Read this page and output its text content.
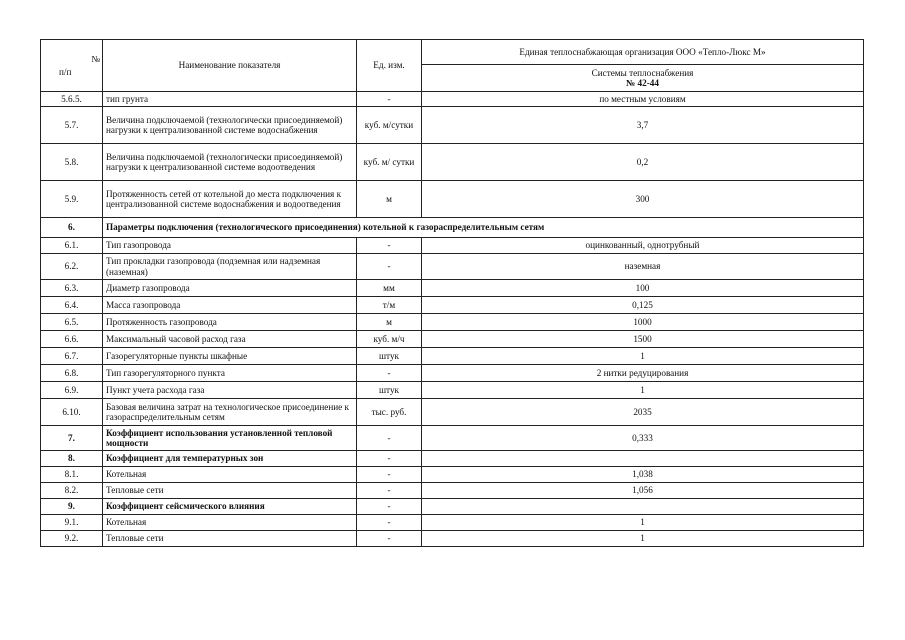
№
п/п	Наименование показателя	Ед. изм.	Единая теплоснабжающая организация ООО «Тепло-Люкс М»

			Системы теплоснабжения
№ 42-44

5.6.5.	тип грунта	-	по местным условиям
5.7.	Величина подключаемой (технологически присоединяемой) нагрузки к централизованной системе водоснабжения	куб. м/сутки	3,7
5.8.	Величина подключаемой (технологически присоединяемой) нагрузки к централизованной системе водоотведения	куб. м/ сутки	0,2
5.9.	Протяженность сетей от котельной до места подключения к централизованной системе водоснабжения и водоотведения	м	300
6.	Параметры подключения (технологического присоединения) котельной к газораспределительным сетям		
6.1.	Тип газопровода	-	оцинкованный, однотрубный
6.2.	Тип прокладки газопровода (подземная или надземная (наземная)	-	наземная
6.3.	Диаметр газопровода	мм	100
6.4.	Масса газопровода	т/м	0,125
6.5.	Протяженность газопровода	м	1000
6.6.	Максимальный часовой расход газа	куб. м/ч	1500
6.7.	Газорегуляторные пункты шкафные	штук	1
6.8.	Тип газорегуляторного пункта	-	2 нитки редуцирования
6.9.	Пункт учета расхода газа	штук	1
6.10.	Базовая величина затрат на технологическое присоединение к газораспределительным сетям	тыс. руб.	2035
7.	Коэффициент использования установленной тепловой мощности	-	0,333
8.	Коэффициент для температурных зон	-	
8.1.	Котельная	-	1,038
8.2.	Тепловые сети	-	1,056
9.	Коэффициент сейсмического влияния	-	
9.1.	Котельная	-	1
9.2.	Тепловые сети	-	1
